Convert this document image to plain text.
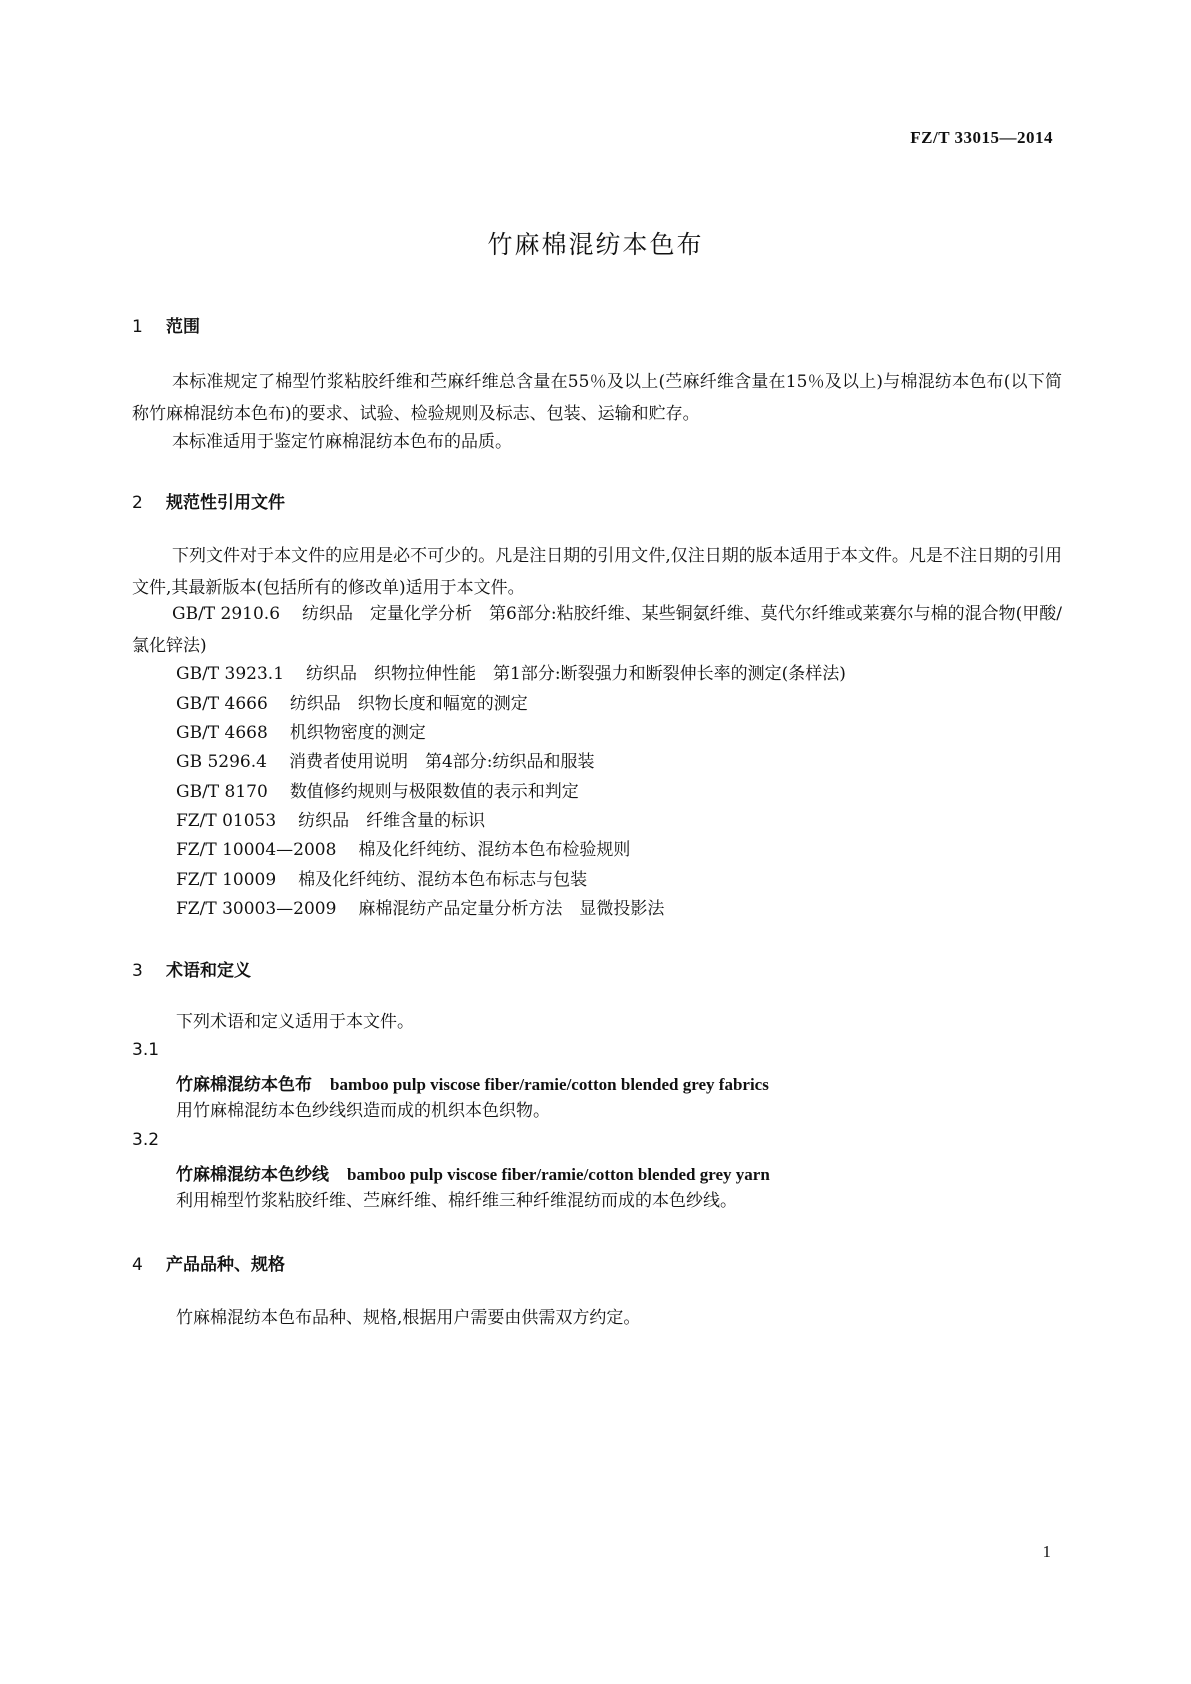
FZ/T 33015—2014
竹麻棉混纺本色布
1 范围
本标准规定了棉型竹浆粘胶纤维和苎麻纤维总含量在55％及以上(苎麻纤维含量在15％及以上)与棉混纺本色布(以下简称竹麻棉混纺本色布)的要求、试验、检验规则及标志、包装、运输和贮存。
本标准适用于鉴定竹麻棉混纺本色布的品质。
2 规范性引用文件
下列文件对于本文件的应用是必不可少的。凡是注日期的引用文件,仅注日期的版本适用于本文件。凡是不注日期的引用文件,其最新版本(包括所有的修改单)适用于本文件。
GB/T 2910.6 纺织品　定量化学分析　第6部分:粘胶纤维、某些铜氨纤维、莫代尔纤维或莱赛尔与棉的混合物(甲酸/氯化锌法)
GB/T 3923.1 纺织品　织物拉伸性能　第1部分:断裂强力和断裂伸长率的测定(条样法)
GB/T 4666 纺织品　织物长度和幅宽的测定
GB/T 4668 机织物密度的测定
GB 5296.4 消费者使用说明　第4部分:纺织品和服装
GB/T 8170 数值修约规则与极限数值的表示和判定
FZ/T 01053 纺织品　纤维含量的标识
FZ/T 10004—2008 棉及化纤纯纺、混纺本色布检验规则
FZ/T 10009 棉及化纤纯纺、混纺本色布标志与包装
FZ/T 30003—2009 麻棉混纺产品定量分析方法　显微投影法
3 术语和定义
下列术语和定义适用于本文件。
3.1
竹麻棉混纺本色布 bamboo pulp viscose fiber/ramie/cotton blended grey fabrics
用竹麻棉混纺本色纱线织造而成的机织本色织物。
3.2
竹麻棉混纺本色纱线 bamboo pulp viscose fiber/ramie/cotton blended grey yarn
利用棉型竹浆粘胶纤维、苎麻纤维、棉纤维三种纤维混纺而成的本色纱线。
4 产品品种、规格
竹麻棉混纺本色布品种、规格,根据用户需要由供需双方约定。
1
